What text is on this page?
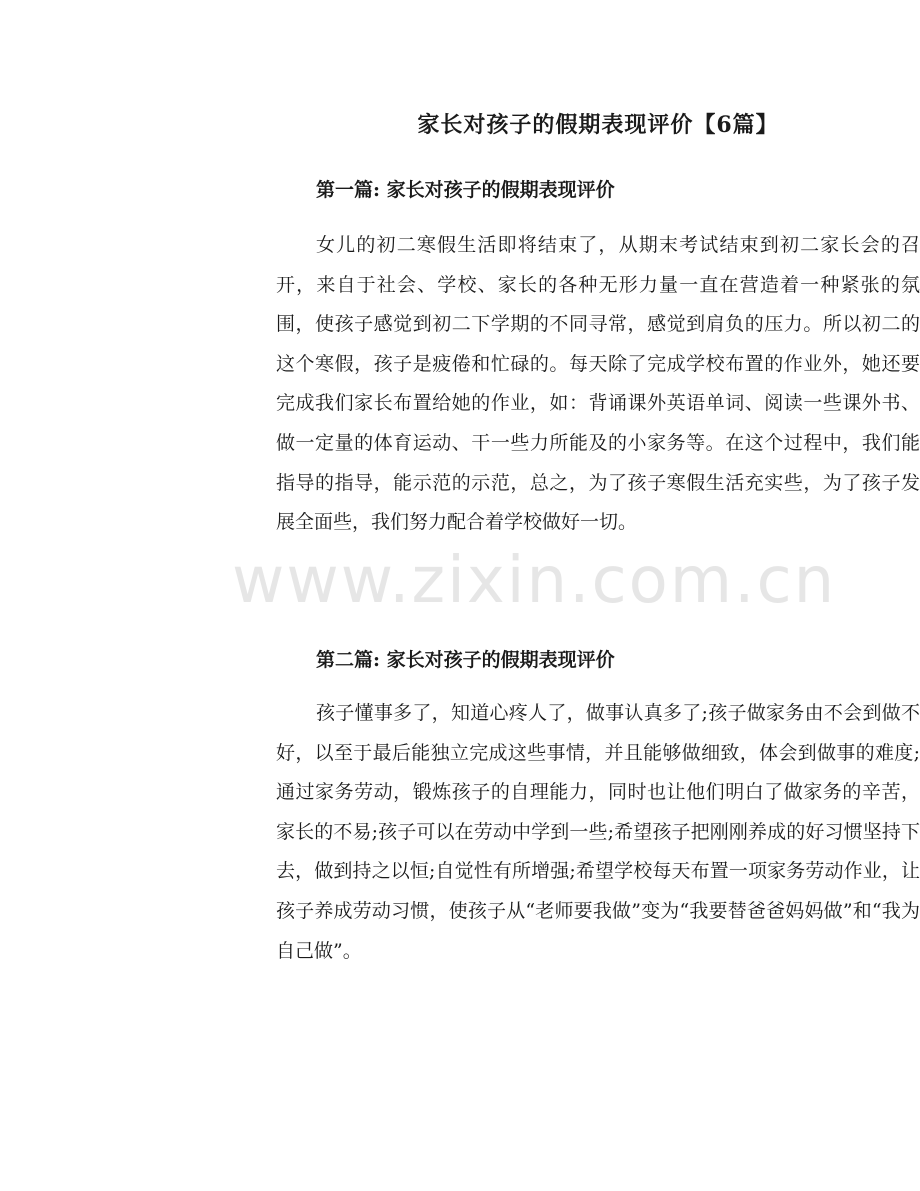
www.zixin.com.cn
家长对孩子的假期表现评价【6篇】
第一篇: 家长对孩子的假期表现评价

女儿的初二寒假生活即将结束了，从期末考试结束到初二家长会的召开，来自于社会、学校、家长的各种无形力量一直在营造着一种紧张的氛围，使孩子感觉到初二下学期的不同寻常，感觉到肩负的压力。所以初二的这个寒假，孩子是疲倦和忙碌的。每天除了完成学校布置的作业外，她还要完成我们家长布置给她的作业，如：背诵课外英语单词、阅读一些课外书、做一定量的体育运动、干一些力所能及的小家务等。在这个过程中，我们能指导的指导，能示范的示范，总之，为了孩子寒假生活充实些，为了孩子发展全面些，我们努力配合着学校做好一切。

第二篇: 家长对孩子的假期表现评价

孩子懂事多了，知道心疼人了，做事认真多了;孩子做家务由不会到做不好，以至于最后能独立完成这些事情，并且能够做细致，体会到做事的难度;通过家务劳动，锻炼孩子的自理能力，同时也让他们明白了做家务的辛苦，家长的不易;孩子可以在劳动中学到一些;希望孩子把刚刚养成的好习惯坚持下去，做到持之以恒;自觉性有所增强;希望学校每天布置一项家务劳动作业，让孩子养成劳动习惯，使孩子从“老师要我做”变为“我要替爸爸妈妈做”和“我为自己做”。
